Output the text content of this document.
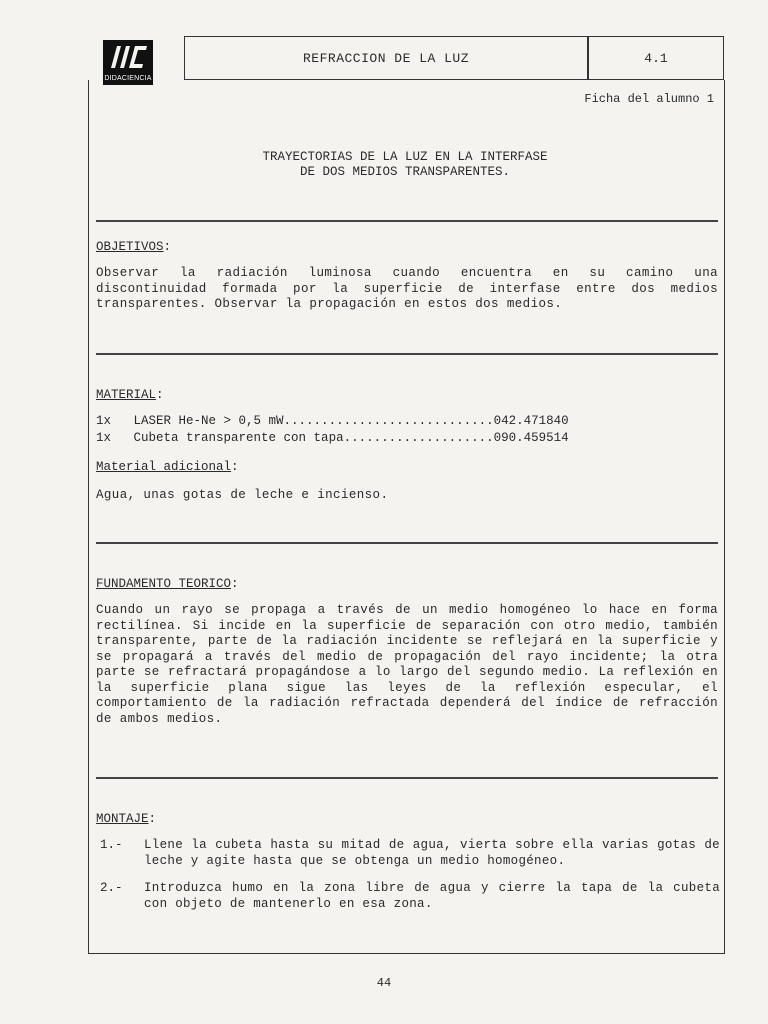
DIDACIENCIA
REFRACCION DE LA LUZ	4.1
Ficha del alumno 1
TRAYECTORIAS DE LA LUZ EN LA INTERFASE
DE DOS MEDIOS TRANSPARENTES.
OBJETIVOS:
Observar la radiación luminosa cuando encuentra en su camino una discontinuidad formada por la superficie de interfase entre dos medios transparentes. Observar la propagación en estos dos medios.
MATERIAL:
1x LASER He-Ne > 0,5 mW............................042.471840
1x Cubeta transparente con tapa....................090.459514
Material adicional:
Agua, unas gotas de leche e incienso.
FUNDAMENTO TEORICO:
Cuando un rayo se propaga a través de un medio homogéneo lo hace en forma rectilínea. Si incide en la superficie de separación con otro medio, también transparente, parte de la radiación incidente se reflejará en la superficie y se propagará a través del medio de propagación del rayo incidente; la otra parte se refractará propagándose a lo largo del segundo medio. La reflexión en la superficie plana sigue las leyes de la reflexión especular, el comportamiento de la radiación refractada dependerá del índice de refracción de ambos medios.
MONTAJE:
1.- Llene la cubeta hasta su mitad de agua, vierta sobre ella varias gotas de leche y agite hasta que se obtenga un medio homogéneo.
2.- Introduzca humo en la zona libre de agua y cierre la tapa de la cubeta con objeto de mantenerlo en esa zona.
44
